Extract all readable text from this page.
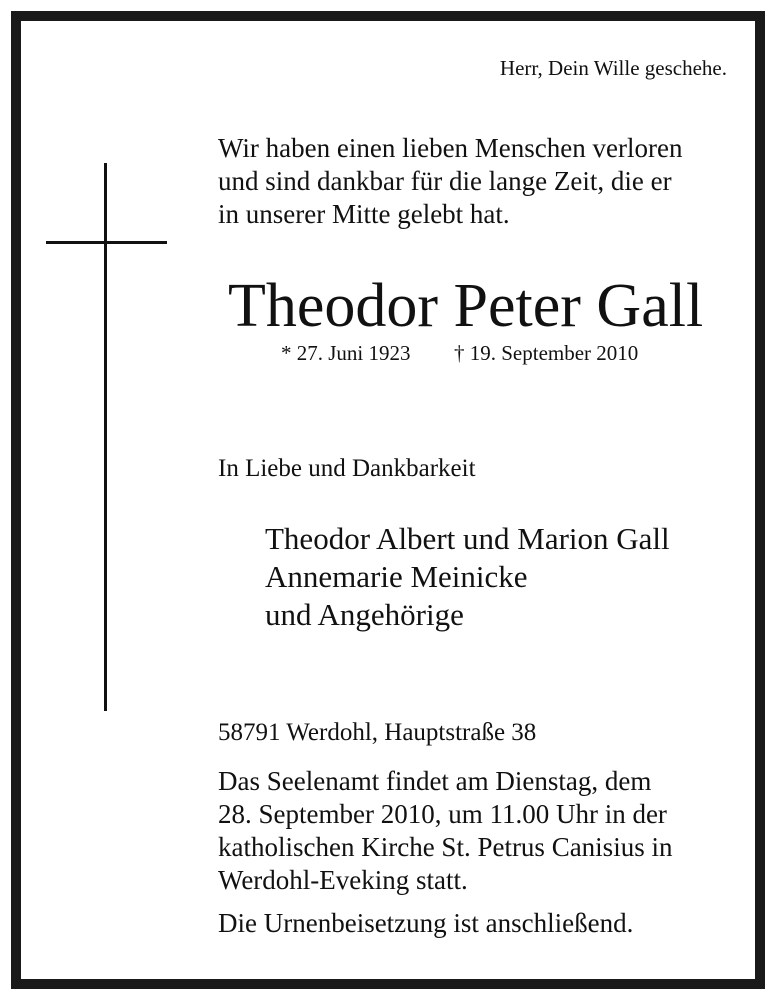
Herr, Dein Wille geschehe.
Wir haben einen lieben Menschen verloren
und sind dankbar für die lange Zeit, die er
in unserer Mitte gelebt hat.
Theodor Peter Gall
* 27. Juni 1923 † 19. September 2010
In Liebe und Dankbarkeit
Theodor Albert und Marion Gall
Annemarie Meinicke
und Angehörige
58791 Werdohl, Hauptstraße 38
Das Seelenamt findet am Dienstag, dem
28. September 2010, um 11.00 Uhr in der
katholischen Kirche St. Petrus Canisius in
Werdohl-Eveking statt.
Die Urnenbeisetzung ist anschließend.
